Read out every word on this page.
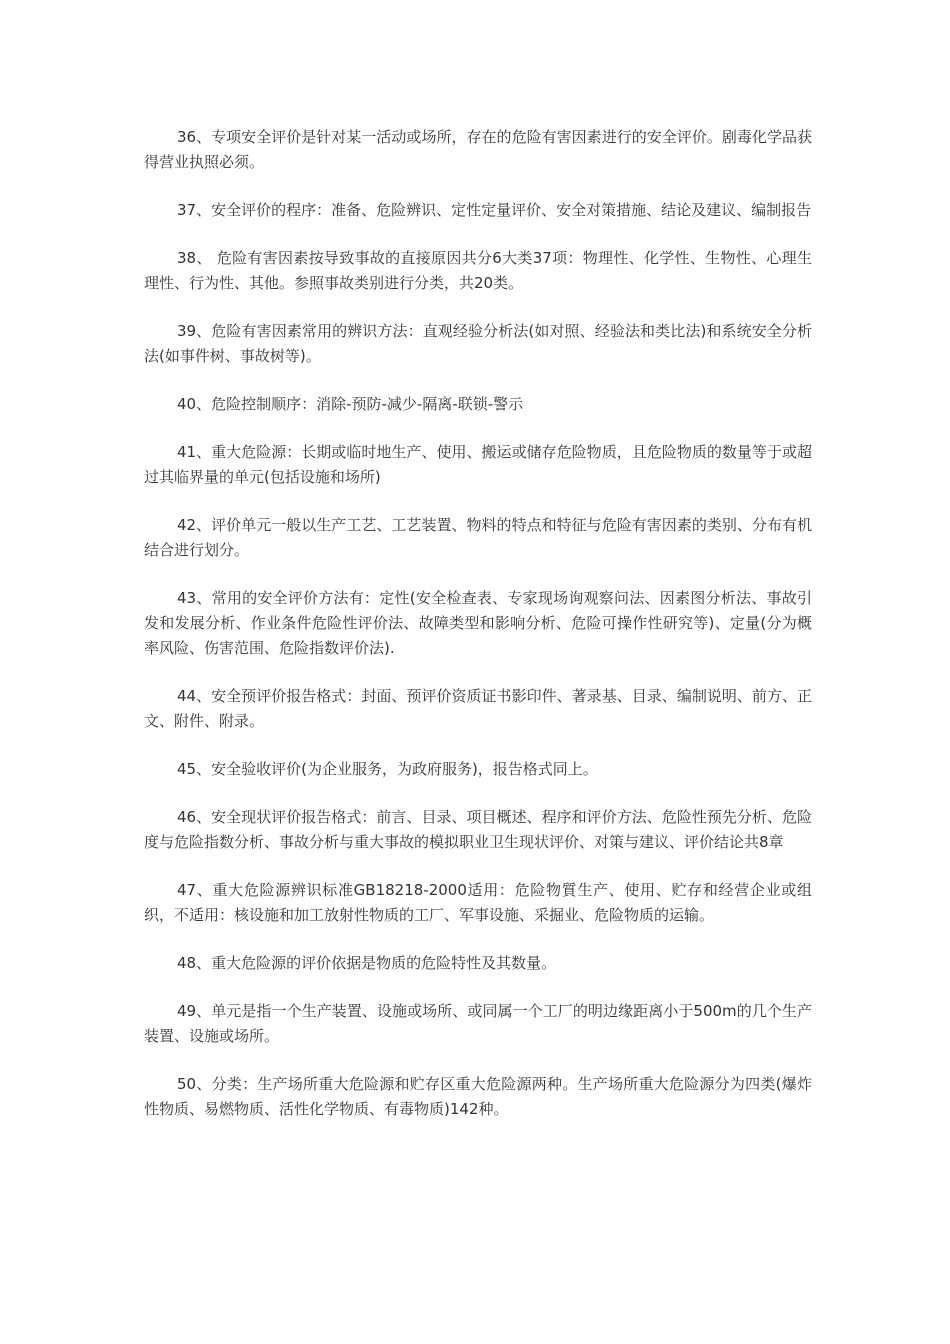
36、专项安全评价是针对某一活动或场所，存在的危险有害因素进行的安全评价。剧毒化学品获得营业执照必须。

37、安全评价的程序：准备、危险辨识、定性定量评价、安全对策措施、结论及建议、编制报告

38、 危险有害因素按导致事故的直接原因共分6大类37项：物理性、化学性、生物性、心理生理性、行为性、其他。参照事故类别进行分类，共20类。

39、危险有害因素常用的辨识方法：直观经验分析法(如对照、经验法和类比法)和系统安全分析法(如事件树、事故树等)。

40、危险控制顺序：消除-预防-减少-隔离-联锁-警示

41、重大危险源：长期或临时地生产、使用、搬运或储存危险物质，且危险物质的数量等于或超过其临界量的单元(包括设施和场所)

42、评价单元一般以生产工艺、工艺装置、物料的特点和特征与危险有害因素的类别、分布有机结合进行划分。

43、常用的安全评价方法有：定性(安全检查表、专家现场询观察问法、因素图分析法、事故引发和发展分析、作业条件危险性评价法、故障类型和影响分析、危险可操作性研究等)、定量(分为概率风险、伤害范围、危险指数评价法).

44、安全预评价报告格式：封面、预评价资质证书影印件、著录基、目录、编制说明、前方、正文、附件、附录。

45、安全验收评价(为企业服务，为政府服务)，报告格式同上。

46、安全现状评价报告格式：前言、目录、项目概述、程序和评价方法、危险性预先分析、危险度与危险指数分析、事故分析与重大事故的模拟职业卫生现状评价、对策与建议、评价结论共8章

47、重大危险源辨识标准GB18218-2000适用：危险物質生产、使用、贮存和经营企业或组织，不适用：核设施和加工放射性物质的工厂、军事设施、采掘业、危险物质的运输。

48、重大危险源的评价依据是物质的危险特性及其数量。

49、单元是指一个生产装置、设施或场所、或同属一个工厂的明边缘距离小于500m的几个生产装置、设施或场所。

50、分类：生产场所重大危险源和贮存区重大危险源两种。生产场所重大危险源分为四类(爆炸性物质、易燃物质、活性化学物质、有毒物质)142种。
